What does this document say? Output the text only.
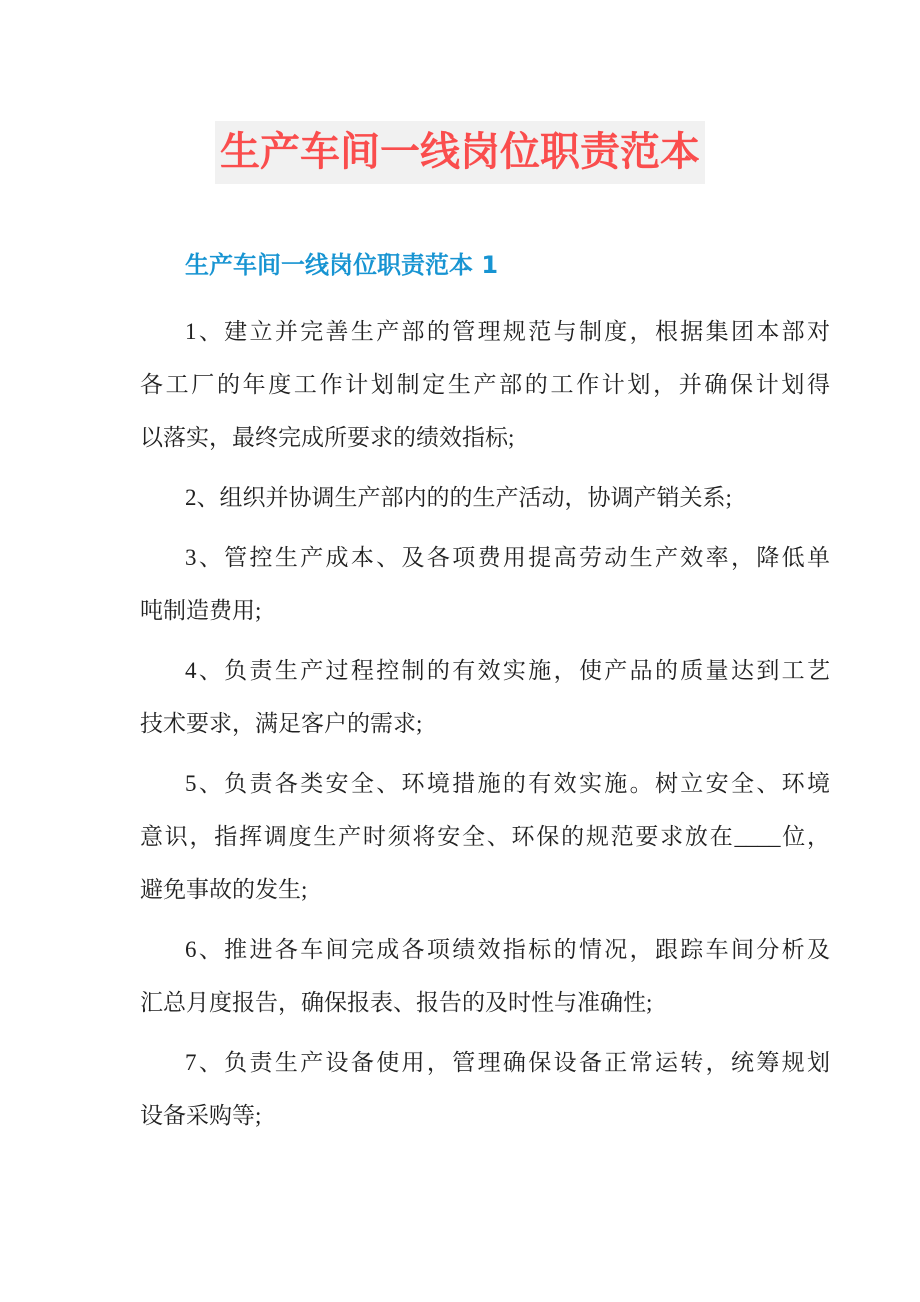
生产车间一线岗位职责范本
生产车间一线岗位职责范本 1
1、建立并完善生产部的管理规范与制度，根据集团本部对
各工厂的年度工作计划制定生产部的工作计划，并确保计划得
以落实，最终完成所要求的绩效指标;
2、组织并协调生产部内的的生产活动，协调产销关系;
3、管控生产成本、及各项费用提高劳动生产效率，降低单
吨制造费用;
4、负责生产过程控制的有效实施，使产品的质量达到工艺
技术要求，满足客户的需求;
5、负责各类安全、环境措施的有效实施。树立安全、环境
意识，指挥调度生产时须将安全、环保的规范要求放在____位，
避免事故的发生;
6、推进各车间完成各项绩效指标的情况，跟踪车间分析及
汇总月度报告，确保报表、报告的及时性与准确性;
7、负责生产设备使用，管理确保设备正常运转，统筹规划
设备采购等;
